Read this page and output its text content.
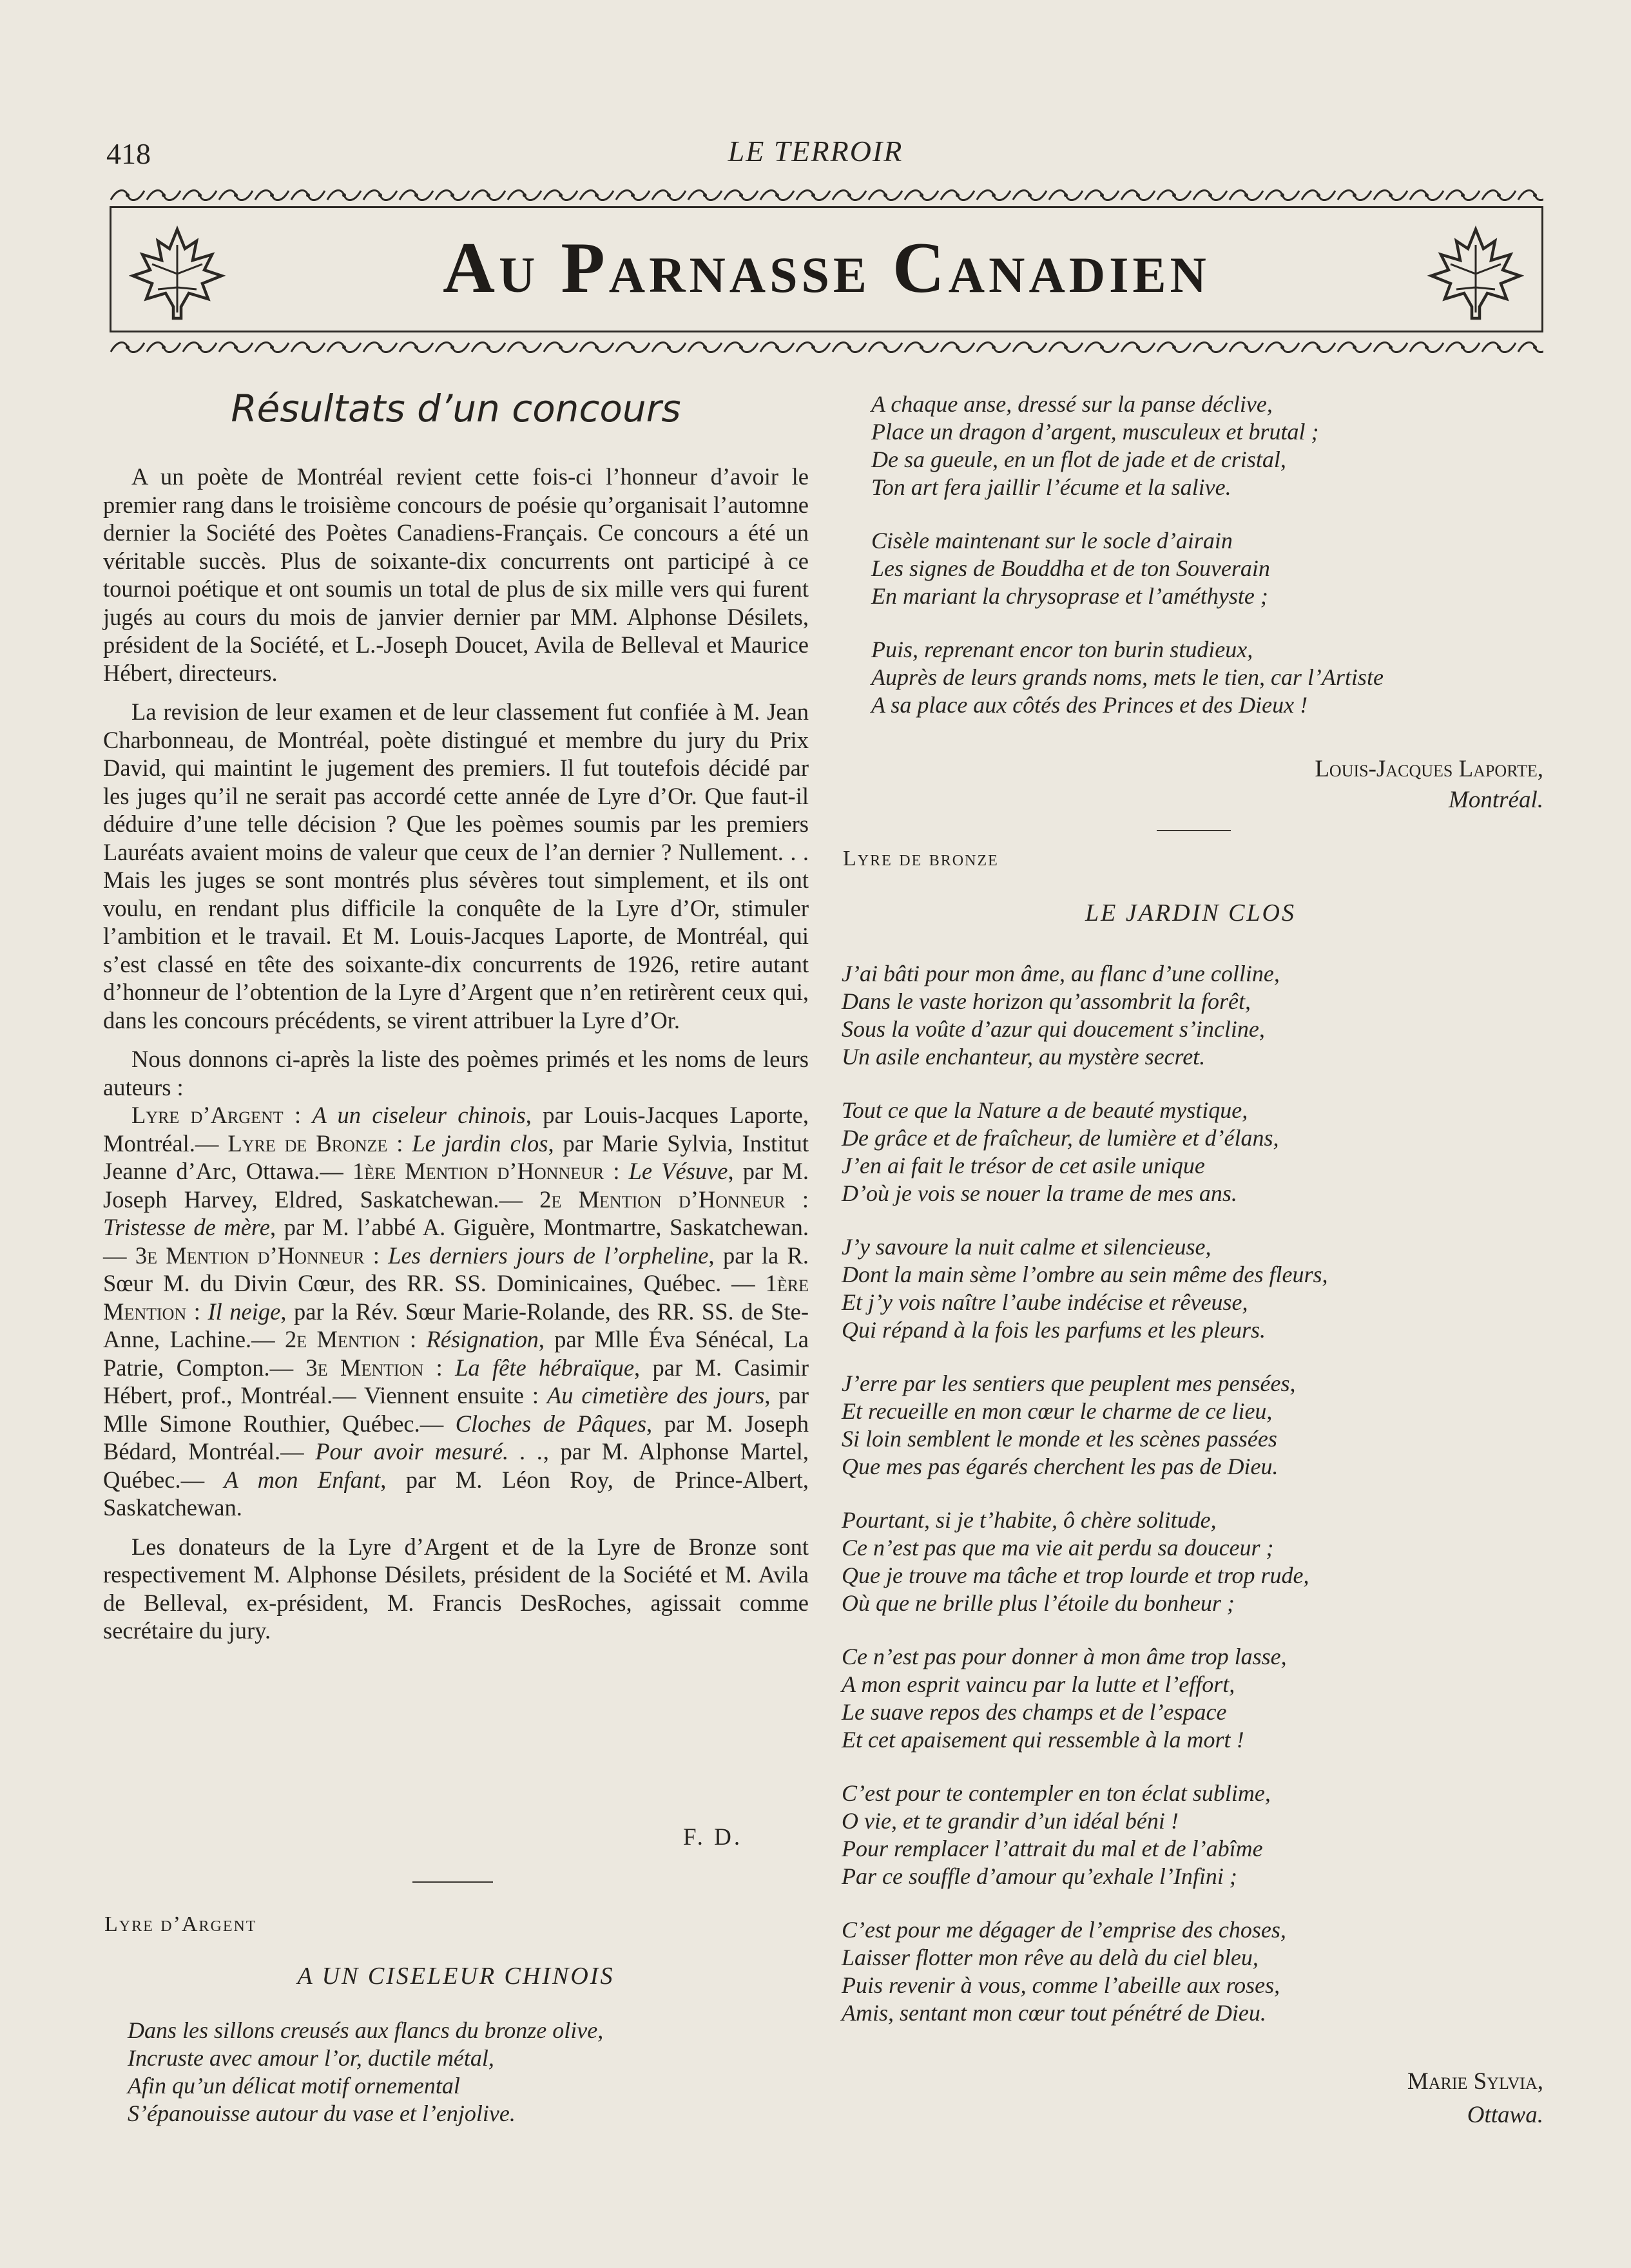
418	LE TERROIR
Au Parnasse Canadien
Résultats d’un concours

A un poète de Montréal revient cette fois-ci l’honneur d’avoir le premier rang dans le troisième concours de poésie qu’organisait l’automne dernier la Société des Poètes Canadiens-Français. Ce concours a été un véritable succès. Plus de soixante-dix concurrents ont participé à ce tournoi poétique et ont soumis un total de plus de six mille vers qui furent jugés au cours du mois de janvier dernier par MM. Alphonse Désilets, président de la Société, et L.-Joseph Doucet, Avila de Belleval et Maurice Hébert, directeurs.

La revision de leur examen et de leur classement fut confiée à M. Jean Charbonneau, de Montréal, poète distingué et membre du jury du Prix David, qui maintint le jugement des premiers. Il fut toutefois décidé par les juges qu’il ne serait pas accordé cette année de Lyre d’Or. Que faut-il déduire d’une telle décision ? Que les poèmes soumis par les premiers Lauréats avaient moins de valeur que ceux de l’an dernier ? Nullement. . . Mais les juges se sont montrés plus sévères tout simplement, et ils ont voulu, en rendant plus difficile la conquête de la Lyre d’Or, stimuler l’ambition et le travail. Et M. Louis-Jacques Laporte, de Montréal, qui s’est classé en tête des soixante-dix concurrents de 1926, retire autant d’honneur de l’obtention de la Lyre d’Argent que n’en retirèrent ceux qui, dans les concours précédents, se virent attribuer la Lyre d’Or.

Nous donnons ci-après la liste des poèmes primés et les noms de leurs auteurs :

Lyre d’Argent : A un ciseleur chinois, par Louis-Jacques Laporte, Montréal.— Lyre de Bronze : Le jardin clos, par Marie Sylvia, Institut Jeanne d’Arc, Ottawa.— 1ère Mention d’Honneur : Le Vésuve, par M. Joseph Harvey, Eldred, Saskatchewan.— 2e Mention d’Honneur : Tristesse de mère, par M. l’abbé A. Giguère, Montmartre, Saskatchewan.— 3e Mention d’Honneur : Les derniers jours de l’orpheline, par la R. Sœur M. du Divin Cœur, des RR. SS. Dominicaines, Québec. — 1ère Mention : Il neige, par la Rév. Sœur Marie-Rolande, des RR. SS. de Ste-Anne, Lachine.— 2e Mention : Résignation, par Mlle Éva Sénécal, La Patrie, Compton.— 3e Mention : La fête hébraïque, par M. Casimir Hébert, prof., Montréal.— Viennent ensuite : Au cimetière des jours, par Mlle Simone Routhier, Québec.— Cloches de Pâques, par M. Joseph Bédard, Montréal.— Pour avoir mesuré. . ., par M. Alphonse Martel, Québec.— A mon Enfant, par M. Léon Roy, de Prince-Albert, Saskatchewan.

Les donateurs de la Lyre d’Argent et de la Lyre de Bronze sont respectivement M. Alphonse Désilets, président de la Société et M. Avila de Belleval, ex-président, M. Francis DesRoches, agissait comme secrétaire du jury.

F. D.
Lyre d’Argent
A UN CISELEUR CHINOIS
Dans les sillons creusés aux flancs du bronze olive,
Incruste avec amour l’or, ductile métal,
Afin qu’un délicat motif ornemental
S’épanouisse autour du vase et l’enjolive.
A chaque anse, dressé sur la panse déclive,
Place un dragon d’argent, musculeux et brutal ;
De sa gueule, en un flot de jade et de cristal,
Ton art fera jaillir l’écume et la salive.
Cisèle maintenant sur le socle d’airain
Les signes de Bouddha et de ton Souverain
En mariant la chrysoprase et l’améthyste ;
Puis, reprenant encor ton burin studieux,
Auprès de leurs grands noms, mets le tien, car l’Artiste
A sa place aux côtés des Princes et des Dieux !
Louis-Jacques Laporte,
Montréal.
Lyre de bronze
LE JARDIN CLOS
J’ai bâti pour mon âme, au flanc d’une colline,
Dans le vaste horizon qu’assombrit la forêt,
Sous la voûte d’azur qui doucement s’incline,
Un asile enchanteur, au mystère secret.
Tout ce que la Nature a de beauté mystique,
De grâce et de fraîcheur, de lumière et d’élans,
J’en ai fait le trésor de cet asile unique
D’où je vois se nouer la trame de mes ans.
J’y savoure la nuit calme et silencieuse,
Dont la main sème l’ombre au sein même des fleurs,
Et j’y vois naître l’aube indécise et rêveuse,
Qui répand à la fois les parfums et les pleurs.
J’erre par les sentiers que peuplent mes pensées,
Et recueille en mon cœur le charme de ce lieu,
Si loin semblent le monde et les scènes passées
Que mes pas égarés cherchent les pas de Dieu.
Pourtant, si je t’habite, ô chère solitude,
Ce n’est pas que ma vie ait perdu sa douceur ;
Que je trouve ma tâche et trop lourde et trop rude,
Où que ne brille plus l’étoile du bonheur ;
Ce n’est pas pour donner à mon âme trop lasse,
A mon esprit vaincu par la lutte et l’effort,
Le suave repos des champs et de l’espace
Et cet apaisement qui ressemble à la mort !
C’est pour te contempler en ton éclat sublime,
O vie, et te grandir d’un idéal béni !
Pour remplacer l’attrait du mal et de l’abîme
Par ce souffle d’amour qu’exhale l’Infini ;
C’est pour me dégager de l’emprise des choses,
Laisser flotter mon rêve au delà du ciel bleu,
Puis revenir à vous, comme l’abeille aux roses,
Amis, sentant mon cœur tout pénétré de Dieu.
Marie Sylvia,
Ottawa.
